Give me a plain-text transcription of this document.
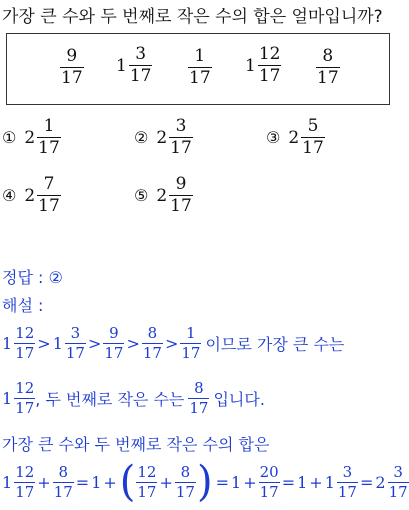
가장 큰 수와 두 번째로 작은 수의 합은 얼마입니까?
$\frac{9}{17} 1 \frac{3}{17} \frac{1}{17} 1 \frac{12}{17} \frac{8}{17}$
① $2 \frac{1}{17}$	② $2 \frac{3}{17}$	③ $2 \frac{5}{17}$
④ $2 \frac{7}{17}$	⑤ $2 \frac{9}{17}$
정답 : ②
해설 :
$1 \frac{12}{17} > 1 \frac{3}{17} > \frac{9}{17} > \frac{8}{17} > \frac{1}{17}$ 이므로 가장 큰 수는
$1 \frac{12}{17}$ , 두 번째로 작은 수는 $\frac{8}{17}$ 입니다.
가장 큰 수와 두 번째로 작은 수의 합은
$1 \frac{12}{17} + \frac{8}{17} = 1$ + ( $\frac{12}{17} + \frac{8}{17}$ ) = $1 + \frac{20}{17} = 1 + 1 \frac{3}{17} = 2 \frac{3}{17}$
